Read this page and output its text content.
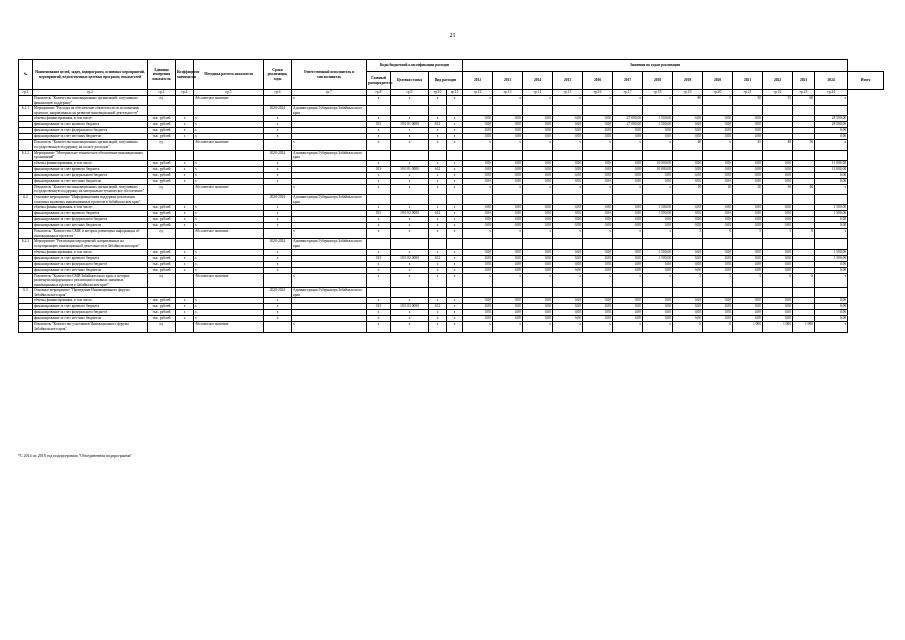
21
№	Наименование целей, задач, подпрограмм, основных мероприятий, мероприятий, ведомственных целевых программ, показателей	Единица измерения показателя	Коэффициент значимости	Методика расчета показателя	Сроки реализации, годы	Ответственный исполнитель и соисполнитель	Коды бюджетной классификации расходов				Значения по годам реализации													
							Главный распорядитель	Целевая статья	Вид расходов		2012	2013	2014	2015	2016	2017	2018	2019	2020	2021	2022	2023	2024	Итого
гр.1	гр.2	гр.3	гр.4	гр.5	гр.6	гр.7	гр.8	гр.9	гр.10	гр.11	гр.12	гр.13	гр.14	гр.15	гр.16	гр.17	гр.18	гр.19	гр.20	гр.21	гр.22	гр.23	гр.24	
	Показатель "Количество инновационных организаций, получивших финансовую поддержку"	ед.		Абсолютное значение		x	x	x	x	x	x	x	x	x	x	x	x	80	5	50	55	60	x	
6.1.1	Мероприятие "Расходы на обеспечение обязательств по исполнению проектов, направленных на развитие инновационной деятельности"				2020-2024	Администрация Губернатора Забайкальского края																		
	объемы финансирования, в том числе:	тыс. рублей	x	x	x		x	x	x	x	0,00	0,00	0,00	0,00	0,00	27 000,00	1 500,00	0,00	0,00	0,00			28 500,00	
	финансирование за счет краевого бюджета	тыс. рублей	x	x	x		013	19 0 01 0000	612	x	0,00	0,00	0,00	0,00	0,00	27 000,00	1 500,00	0,00	0,00	0,00			28 500,00	
	финансирование за счет федерального бюджета	тыс. рублей	x	x	x		x	x	x	x	0,00	0,00	0,00	0,00	0,00	0,00	0,00	0,00	0,00	0,00			0,00	
	финансирование за счет местных бюджетов	тыс. рублей	x	x	x		x	x	x	x	0,00	0,00	0,00	0,00	0,00	0,00	0,00	0,00	0,00	0,00			0,00	
	Показатель "Количество инновационных организаций, получивших государственную поддержку на оплату расходов"	ед.		Абсолютное значение		x	x	x	x	x	x	x	x	x	x	x	x	40	x	45	48	50	x	
6.1.2	Мероприятие "Материально-техническое обеспечение инновационных организаций"				2020-2024	Администрация Губернатора Забайкальского края																		
	объемы финансирования, в том числе:	тыс. рублей	x	x	x		x	x	x	x	0,00	0,00	0,00	0,00	0,00	0,00	10 000,00	0,00	0,00	0,00	0,00		11 000,00	
	финансирование за счет краевого бюджета	тыс. рублей	x	x	x		013	19 0 01 0000	612	x	0,00	0,00	0,00	0,00	0,00	0,00	10 000,00	0,00	0,00	0,00	0,00		11 000,00	
	финансирование за счет федерального бюджета	тыс. рублей	x	x	x		x	x	x	x	0,00	0,00	0,00	0,00	0,00	0,00	0,00	0,00	0,00	0,00	0,00		0,00	
	финансирование за счет местных бюджетов	тыс. рублей	x	x	x		x	x	x	x	0,00	0,00	0,00	0,00	0,00	0,00	0,00	0,00	0,00	0,00	0,00		0,00	
	Показатель "Количество инновационных организаций, получивших государственную поддержку на материально-техническое обеспечение"	ед.		Абсолютное значение		x	x	x	x	x	x	x	x	x	x	x	x	10	10	20	30	40	x	
6.2	Основное мероприятие "Информационная поддержка реализации основных значимых инновационных проектов в Забайкальском крае"				2020-2024	Администрация Губернатора Забайкальского края																		
	объемы финансирования, в том числе:	тыс. рублей	x	x	x		x	x	x	x	0,00	0,00	0,00	0,00	0,00	0,00	1 500,00	0,00	0,00	0,00	0,00		1 500,00	
	финансирование за счет краевого бюджета	тыс. рублей	x	x	x		013	19 0 02 0000	612	x	0,00	0,00	0,00	0,00	0,00	0,00	1 500,00	0,00	0,00	0,00	0,00		1 500,00	
	финансирование за счет федерального бюджета	тыс. рублей	x	x	x		x	x	x	x	0,00	0,00	0,00	0,00	0,00	0,00	0,00	0,00	0,00	0,00	0,00		0,00	
	финансирование за счет местных бюджетов	тыс. рублей	x	x	x		x	x	x	x	0,00	0,00	0,00	0,00	0,00	0,00	0,00	0,00	0,00	0,00	0,00		0,00	
	Показатель "Количество СМИ, в которых размещена информация об инновационных проектах"	ед.		Абсолютное значение		x	x	x	x	x	x	x	x	x	x	x	x	5	0	5	5	6	x	
6.2.1	Мероприятие "Реализация мероприятий, направленных на популяризацию инновационной деятельности в Забайкальском крае"				2020-2024	Администрация Губернатора Забайкальского края																		
	объемы финансирования, в том числе:	тыс. рублей	x	x	x		x	x	x	x	0,00	0,00	0,00	0,00	0,00	0,00	1 500,00	0,00	0,00	0,00	0,00		1 500,00	
	финансирование за счет краевого бюджета	тыс. рублей	x	x	x		013	19 0 02 0000	612	x	0,00	0,00	0,00	0,00	0,00	0,00	1 500,00	0,00	0,00	0,00	0,00		1 500,00	
	финансирование за счет федерального бюджета	тыс. рублей	x	x	x		x	x	x	x	0,00	0,00	0,00	0,00	0,00	0,00	0,00	0,00	0,00	0,00	0,00		0,00	
	финансирование за счет местных бюджетов	тыс. рублей	x	x	x		x	x	x	x	0,00	0,00	0,00	0,00	0,00	0,00	0,00	0,00	0,00	0,00	0,00		0,00	
	Показатель "Количество СМИ Забайкальского края, в которых размещена информация о реализации основных значимых инновационных проектов в Забайкальском крае"	ед.		Абсолютное значение		x	x	x	x	x	x	x	x	x	x	x	x	5	5	5	6	6	x	
6.3	Основное мероприятие "Проведение Инновационного форума Забайкальского края"				2020-2024	Администрация Губернатора Забайкальского края																		
	объемы финансирования, в том числе:	тыс. рублей	x	x	x		x	x	x	x	0,00	0,00	0,00	0,00	0,00	0,00	0,00	0,00	0,00	0,00	0,00		0,00	
	финансирование за счет краевого бюджета	тыс. рублей	x	x	x		013	19 0 03 0000	612	x	0,00	0,00	0,00	0,00	0,00	0,00	0,00	0,00	0,00	0,00	0,00		0,00	
	финансирование за счет федерального бюджета	тыс. рублей	x	x	x		x	x	x	x	0,00	0,00	0,00	0,00	0,00	0,00	0,00	0,00	0,00	0,00	0,00		0,00	
	финансирование за счет местных бюджетов	тыс. рублей	x	x	x		x	x	x	x	0,00	0,00	0,00	0,00	0,00	0,00	0,00	0,00	0,00	0,00	0,00		0,00	
	Показатель "Количество участников Инновационного форума Забайкальского края"	ед.		Абсолютное значение		x	x	x	x	x	x	x	x	x	x	x	x	0	0	1 000	1 000	1 000	x	
*С 2014 по 2018 год подпрограмма "Объединенная подпрограмма"
